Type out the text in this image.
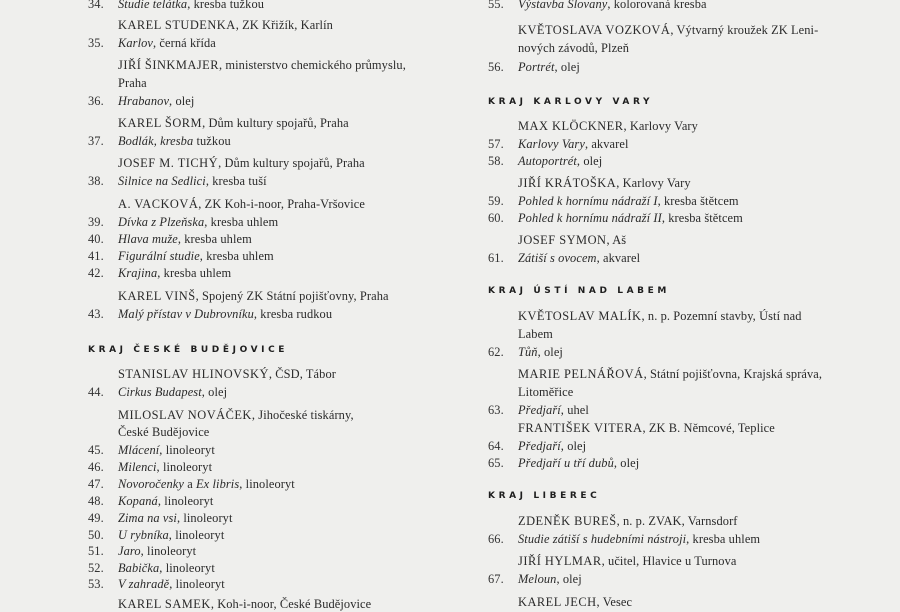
34. Studie telátka, kresba tužkou
KAREL STUDENKA, ZK Křižík, Karlín
35. Karlov, černá křída
JIŘÍ ŠINKMAJER, ministerstvo chemického průmyslu,
Praha
36. Hrabanov, olej
KAREL ŠORM, Dům kultury spojařů, Praha
37. Bodlák, kresba tužkou
JOSEF M. TICHÝ, Dům kultury spojařů, Praha
38. Silnice na Sedlici, kresba tuší
A. VACKOVÁ, ZK Koh-i-noor, Praha-Vršovice
39. Dívka z Plzeňska, kresba uhlem
40. Hlava muže, kresba uhlem
41. Figurální studie, kresba uhlem
42. Krajina, kresba uhlem
KAREL VINŠ, Spojený ZK Státní pojišťovny, Praha
43. Malý přístav v Dubrovníku, kresba rudkou
KRAJ ČESKÉ BUDĚJOVICE
STANISLAV HLINOVSKÝ, ČSD, Tábor
44. Cirkus Budapest, olej
MILOSLAV NOVÁČEK, Jihočeské tiskárny,
České Budějovice
45. Mlácení, linoleoryt
46. Milenci, linoleoryt
47. Novoročenky a Ex libris, linoleoryt
48. Kopaná, linoleoryt
49. Zima na vsi, linoleoryt
50. U rybníka, linoleoryt
51. Jaro, linoleoryt
52. Babička, linoleoryt
53. V zahradě, linoleoryt
KAREL SAMEK, Koh-i-noor, České Budějovice
55. Výstavba Slovany, kolorovaná kresba
KVĚTOSLAVA VOZKOVÁ, Výtvarný kroužek ZK Leni-
nových závodů, Plzeň
56. Portrét, olej
KRAJ KARLOVY VARY
MAX KLÖCKNER, Karlovy Vary
57. Karlovy Vary, akvarel
58. Autoportrét, olej
JIŘÍ KRÁTOŠKA, Karlovy Vary
59. Pohled k hornímu nádraží I, kresba štětcem
60. Pohled k hornímu nádraží II, kresba štětcem
JOSEF SYMON, Aš
61. Zátiší s ovocem, akvarel
KRAJ ÚSTÍ NAD LABEM
KVĚTOSLAV MALÍK, n. p. Pozemní stavby, Ústí nad
Labem
62. Tůň, olej
MARIE PELNÁŘOVÁ, Státní pojišťovna, Krajská správa,
Litoměřice
63. Předjaří, uhel
FRANTIŠEK VITERA, ZK B. Němcové, Teplice
64. Předjaří, olej
65. Předjaří u tří dubů, olej
KRAJ LIBEREC
ZDENĚK BUREŠ, n. p. ZVAK, Varnsdorf
66. Studie zátiší s hudebními nástroji, kresba uhlem
JIŘÍ HYLMAR, učitel, Hlavice u Turnova
67. Meloun, olej
KAREL JECH, Vesec
